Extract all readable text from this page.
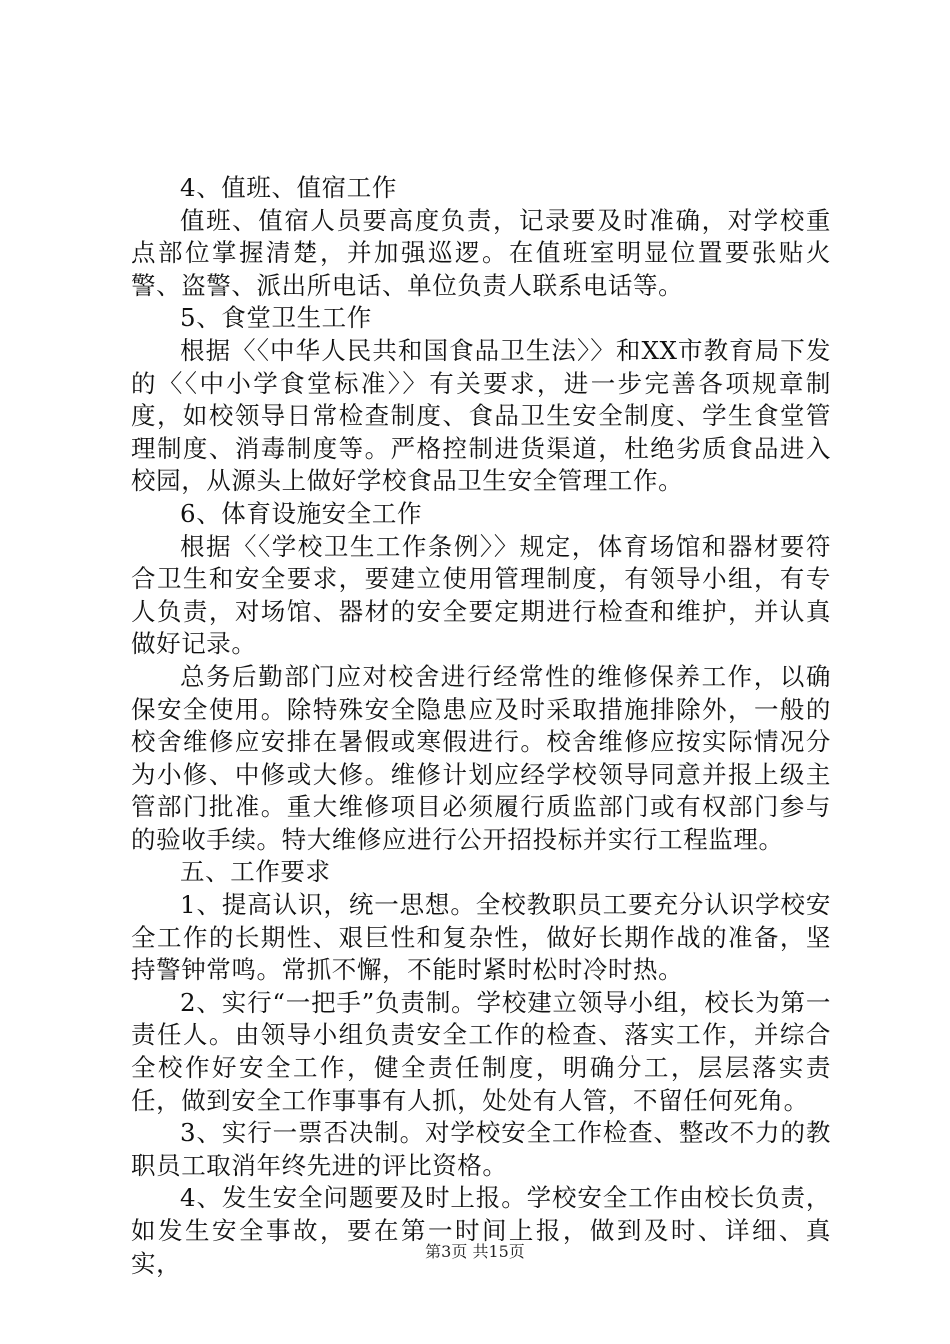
4、值班、值宿工作

值班、值宿人员要高度负责，记录要及时准确，对学校重点部位掌握清楚，并加强巡逻。在值班室明显位置要张贴火警、盗警、派出所电话、单位负责人联系电话等。

5、食堂卫生工作

根据〈〈中华人民共和国食品卫生法〉〉和XX市教育局下发的〈〈中小学食堂标准〉〉有关要求，进一步完善各项规章制度，如校领导日常检查制度、食品卫生安全制度、学生食堂管理制度、消毒制度等。严格控制进货渠道，杜绝劣质食品进入校园，从源头上做好学校食品卫生安全管理工作。

6、体育设施安全工作

根据〈〈学校卫生工作条例〉〉规定，体育场馆和器材要符合卫生和安全要求，要建立使用管理制度，有领导小组，有专人负责，对场馆、器材的安全要定期进行检查和维护，并认真做好记录。

总务后勤部门应对校舍进行经常性的维修保养工作，以确保安全使用。除特殊安全隐患应及时采取措施排除外，一般的校舍维修应安排在暑假或寒假进行。校舍维修应按实际情况分为小修、中修或大修。维修计划应经学校领导同意并报上级主管部门批准。重大维修项目必须履行质监部门或有权部门参与的验收手续。特大维修应进行公开招投标并实行工程监理。

五、工作要求

1、提高认识，统一思想。全校教职员工要充分认识学校安全工作的长期性、艰巨性和复杂性，做好长期作战的准备，坚持警钟常鸣。常抓不懈，不能时紧时松时冷时热。

2、实行“一把手”负责制。学校建立领导小组，校长为第一责任人。由领导小组负责安全工作的检查、落实工作，并综合全校作好安全工作，健全责任制度，明确分工，层层落实责任，做到安全工作事事有人抓，处处有人管，不留任何死角。

3、实行一票否决制。对学校安全工作检查、整改不力的教职员工取消年终先进的评比资格。

4、发生安全问题要及时上报。学校安全工作由校长负责，如发生安全事故，要在第一时间上报，做到及时、详细、真实，	第3页 共15页
